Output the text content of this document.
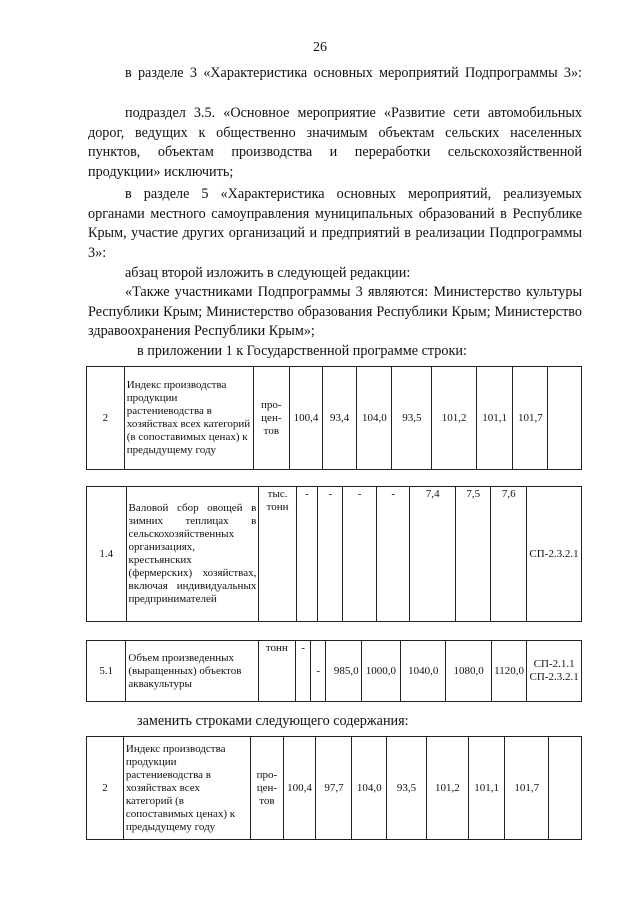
26

в разделе 3 «Характеристика основных мероприятий Подпрограммы 3»:

подраздел 3.5. «Основное мероприятие «Развитие сети автомобильных дорог, ведущих к общественно значимым объектам сельских населенных пунктов, объектам производства и переработки сельскохозяйственной продукции» исключить;

в разделе 5 «Характеристика основных мероприятий, реализуемых органами местного самоуправления муниципальных образований в Республике Крым, участие других организаций и предприятий в реализации Подпрограммы 3»:

абзац второй изложить в следующей редакции:

«Также участниками Подпрограммы 3 являются: Министерство культуры Республики Крым; Министерство образования Республики Крым; Министерство здравоохранения Республики Крым»;

в приложении 1 к Государственной программе строки:

2	Индекс производства продукции растениеводства в хозяйствах всех категорий (в сопоставимых ценах) к предыдущему году	про-цен-тов	100,4	93,4	104,0	93,5	101,2	101,1	101,7	
1.4	Валовой сбор овощей в зимних теплицах в сельскохозяйственных организациях, крестьянских (фермерских) хозяйствах, включая индивидуальных предпринимателей	тыс. тонн	-	-	-	-	7,4	7,5	7,6	СП-2.3.2.1
5.1	Объем произведенных (выращенных) объектов аквакультуры	тонн	-	-	985,0	1000,0	1040,0	1080,0	1120,0	СП-2.1.1 СП-2.3.2.1

заменить строками следующего содержания:

2	Индекс производства продукции растениеводства в хозяйствах всех категорий (в сопоставимых ценах) к предыдущему году	про-цен-тов	100,4	97,7	104,0	93,5	101,2	101,1	101,7	
